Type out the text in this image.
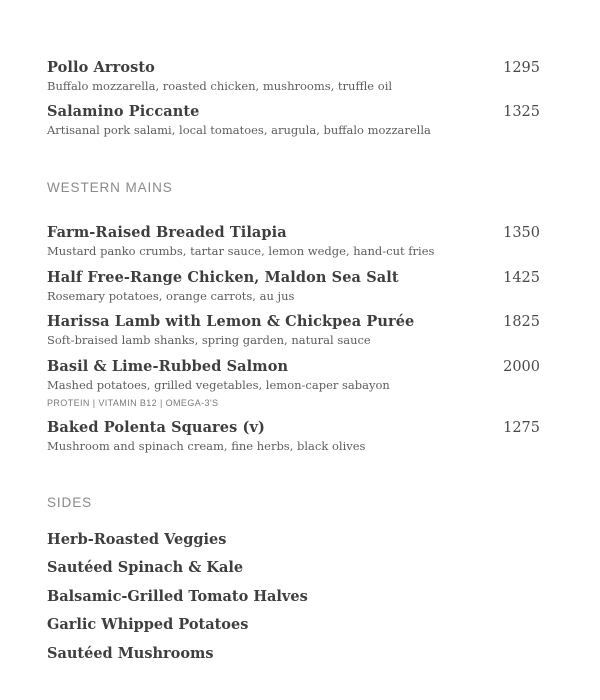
Pollo Arrosto	1295
Buffalo mozzarella, roasted chicken, mushrooms, truffle oil
Salamino Piccante	1325
Artisanal pork salami, local tomatoes, arugula, buffalo mozzarella
WESTERN MAINS
Farm-Raised Breaded Tilapia	1350
Mustard panko crumbs, tartar sauce, lemon wedge, hand-cut fries
Half Free-Range Chicken, Maldon Sea Salt	1425
Rosemary potatoes, orange carrots, au jus
Harissa Lamb with Lemon & Chickpea Purée	1825
Soft-braised lamb shanks, spring garden, natural sauce
Basil & Lime-Rubbed Salmon	2000
Mashed potatoes, grilled vegetables, lemon-caper sabayon
PROTEIN | VITAMIN B12 | OMEGA-3'S
Baked Polenta Squares (v)	1275
Mushroom and spinach cream, fine herbs, black olives
SIDES
Herb-Roasted Veggies
Sautéed Spinach & Kale
Balsamic-Grilled Tomato Halves
Garlic Whipped Potatoes
Sautéed Mushrooms
